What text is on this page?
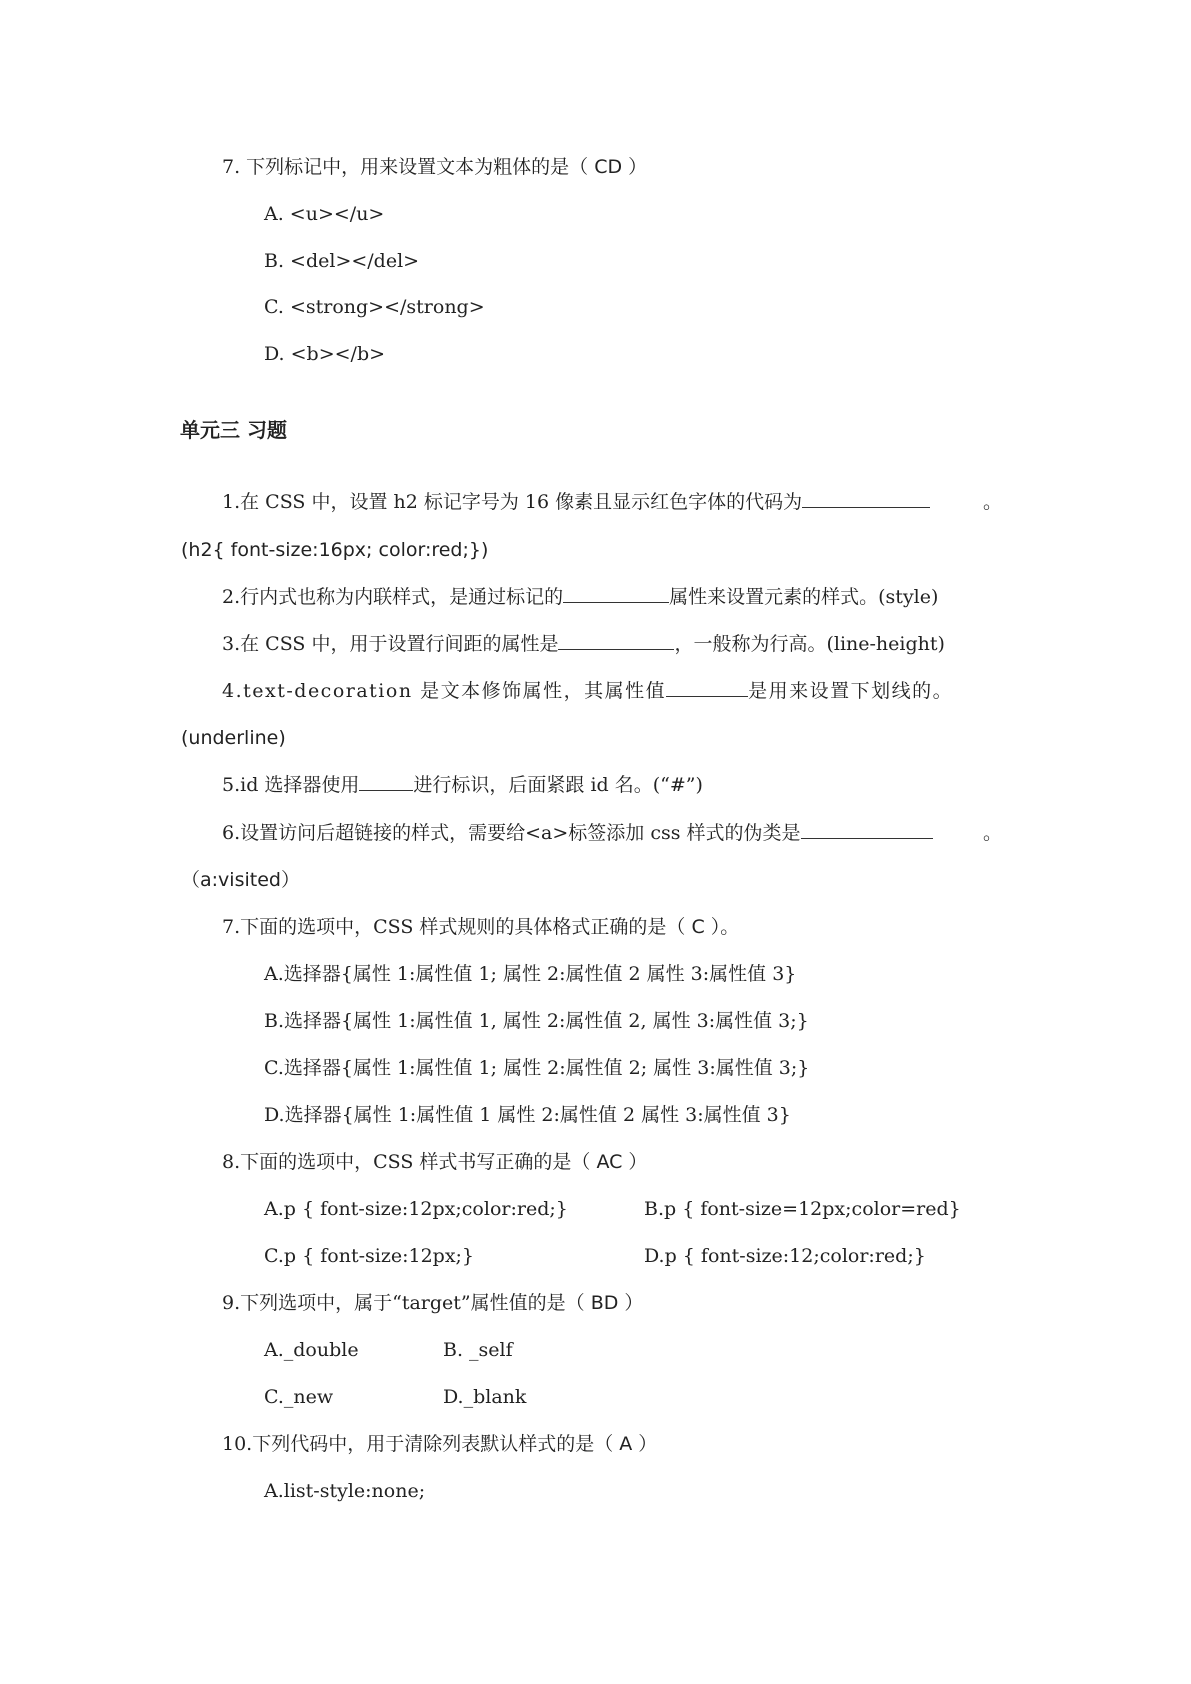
7. 下列标记中，用来设置文本为粗体的是（ CD ）
A. <u></u>
B. <del></del>
C. <strong></strong>
D. <b></b>
单元三 习题
1.在 CSS 中，设置 h2 标记字号为 16 像素且显示红色字体的代码为	。
(h2{ font-size:16px; color:red;})
2.行内式也称为内联样式，是通过标记的	属性来设置元素的样式。(style)
3.在 CSS 中，用于设置行间距的属性是	，一般称为行高。(line-height)
4.text-decoration 是文本修饰属性，其属性值	是用来设置下划线的。
(underline)
5.id 选择器使用	进行标识，后面紧跟 id 名。(“#”)
6.设置访问后超链接的样式，需要给<a>标签添加 css 样式的伪类是	。
（a:visited）
7.下面的选项中，CSS 样式规则的具体格式正确的是（ C ）。
A.选择器{属性 1:属性值 1; 属性 2:属性值 2 属性 3:属性值 3}
B.选择器{属性 1:属性值 1, 属性 2:属性值 2, 属性 3:属性值 3;}
C.选择器{属性 1:属性值 1; 属性 2:属性值 2; 属性 3:属性值 3;}
D.选择器{属性 1:属性值 1 属性 2:属性值 2 属性 3:属性值 3}
8.下面的选项中，CSS 样式书写正确的是（ AC ）
A.p { font-size:12px;color:red;}	B.p { font-size=12px;color=red}
C.p { font-size:12px;}	D.p { font-size:12;color:red;}
9.下列选项中，属于“target”属性值的是（ BD ）
A._double	B. _self
C._new	D._blank
10.下列代码中，用于清除列表默认样式的是（ A ）
A.list-style:none;
